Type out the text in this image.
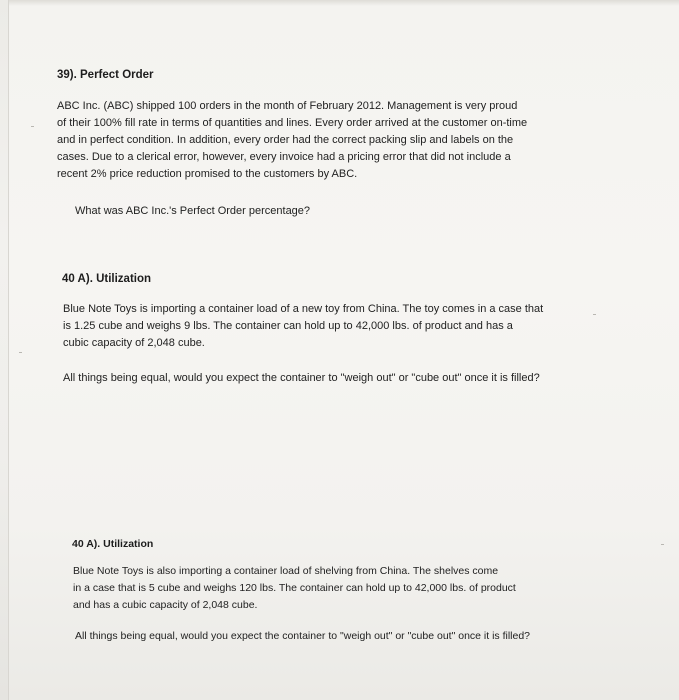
39). Perfect Order
ABC Inc. (ABC) shipped 100 orders in the month of February 2012. Management is very proud
of their 100% fill rate in terms of quantities and lines. Every order arrived at the customer on-time
and in perfect condition. In addition, every order had the correct packing slip and labels on the
cases. Due to a clerical error, however, every invoice had a pricing error that did not include a
recent 2% price reduction promised to the customers by ABC.
What was ABC Inc.'s Perfect Order percentage?
40 A). Utilization
Blue Note Toys is importing a container load of a new toy from China. The toy comes in a case that
is 1.25 cube and weighs 9 lbs. The container can hold up to 42,000 lbs. of product and has a
cubic capacity of 2,048 cube.
All things being equal, would you expect the container to "weigh out" or "cube out" once it is filled?
40 A). Utilization
Blue Note Toys is also importing a container load of shelving from China. The shelves come
in a case that is 5 cube and weighs 120 lbs. The container can hold up to 42,000 lbs. of product
and has a cubic capacity of 2,048 cube.
All things being equal, would you expect the container to "weigh out" or "cube out" once it is filled?
